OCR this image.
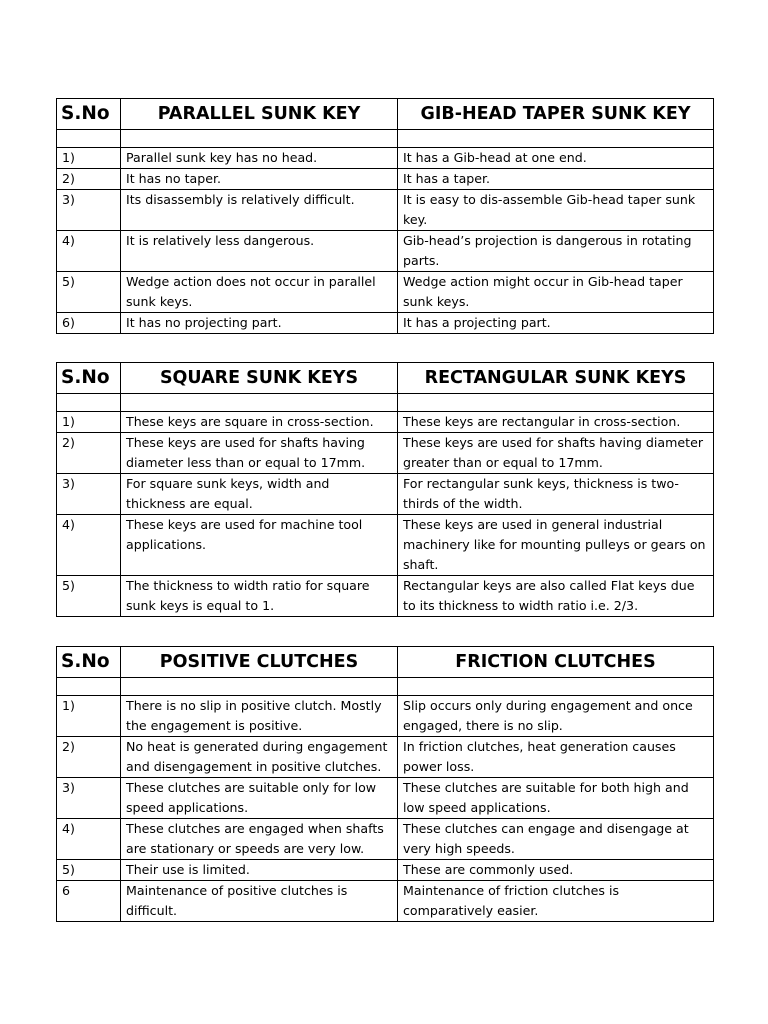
S.No	PARALLEL SUNK KEY	GIB-HEAD TAPER SUNK KEY

1)	Parallel sunk key has no head.	It has a Gib-head at one end.
2)	It has no taper.	It has a taper.
3)	Its disassembly is relatively difficult.	It is easy to dis-assemble Gib-head taper sunk key.
4)	It is relatively less dangerous.	Gib-head’s projection is dangerous in rotating parts.
5)	Wedge action does not occur in parallel sunk keys.	Wedge action might occur in Gib-head taper sunk keys.
6)	It has no projecting part.	It has a projecting part.
S.No	SQUARE SUNK KEYS	RECTANGULAR SUNK KEYS

1)	These keys are square in cross-section.	These keys are rectangular in cross-section.
2)	These keys are used for shafts having diameter less than or equal to 17mm.	These keys are used for shafts having diameter greater than or equal to 17mm.
3)	For square sunk keys, width and thickness are equal.	For rectangular sunk keys, thickness is two-thirds of the width.
4)	These keys are used for machine tool applications.	These keys are used in general industrial machinery like for mounting pulleys or gears on shaft.
5)	The thickness to width ratio for square sunk keys is equal to 1.	Rectangular keys are also called Flat keys due to its thickness to width ratio i.e. 2/3.
S.No	POSITIVE CLUTCHES	FRICTION CLUTCHES

1)	There is no slip in positive clutch. Mostly the engagement is positive.	Slip occurs only during engagement and once engaged, there is no slip.
2)	No heat is generated during engagement and disengagement in positive clutches.	In friction clutches, heat generation causes power loss.
3)	These clutches are suitable only for low speed applications.	These clutches are suitable for both high and low speed applications.
4)	These clutches are engaged when shafts are stationary or speeds are very low.	These clutches can engage and disengage at very high speeds.
5)	Their use is limited.	These are commonly used.
6	Maintenance of positive clutches is difficult.	Maintenance of friction clutches is comparatively easier.
